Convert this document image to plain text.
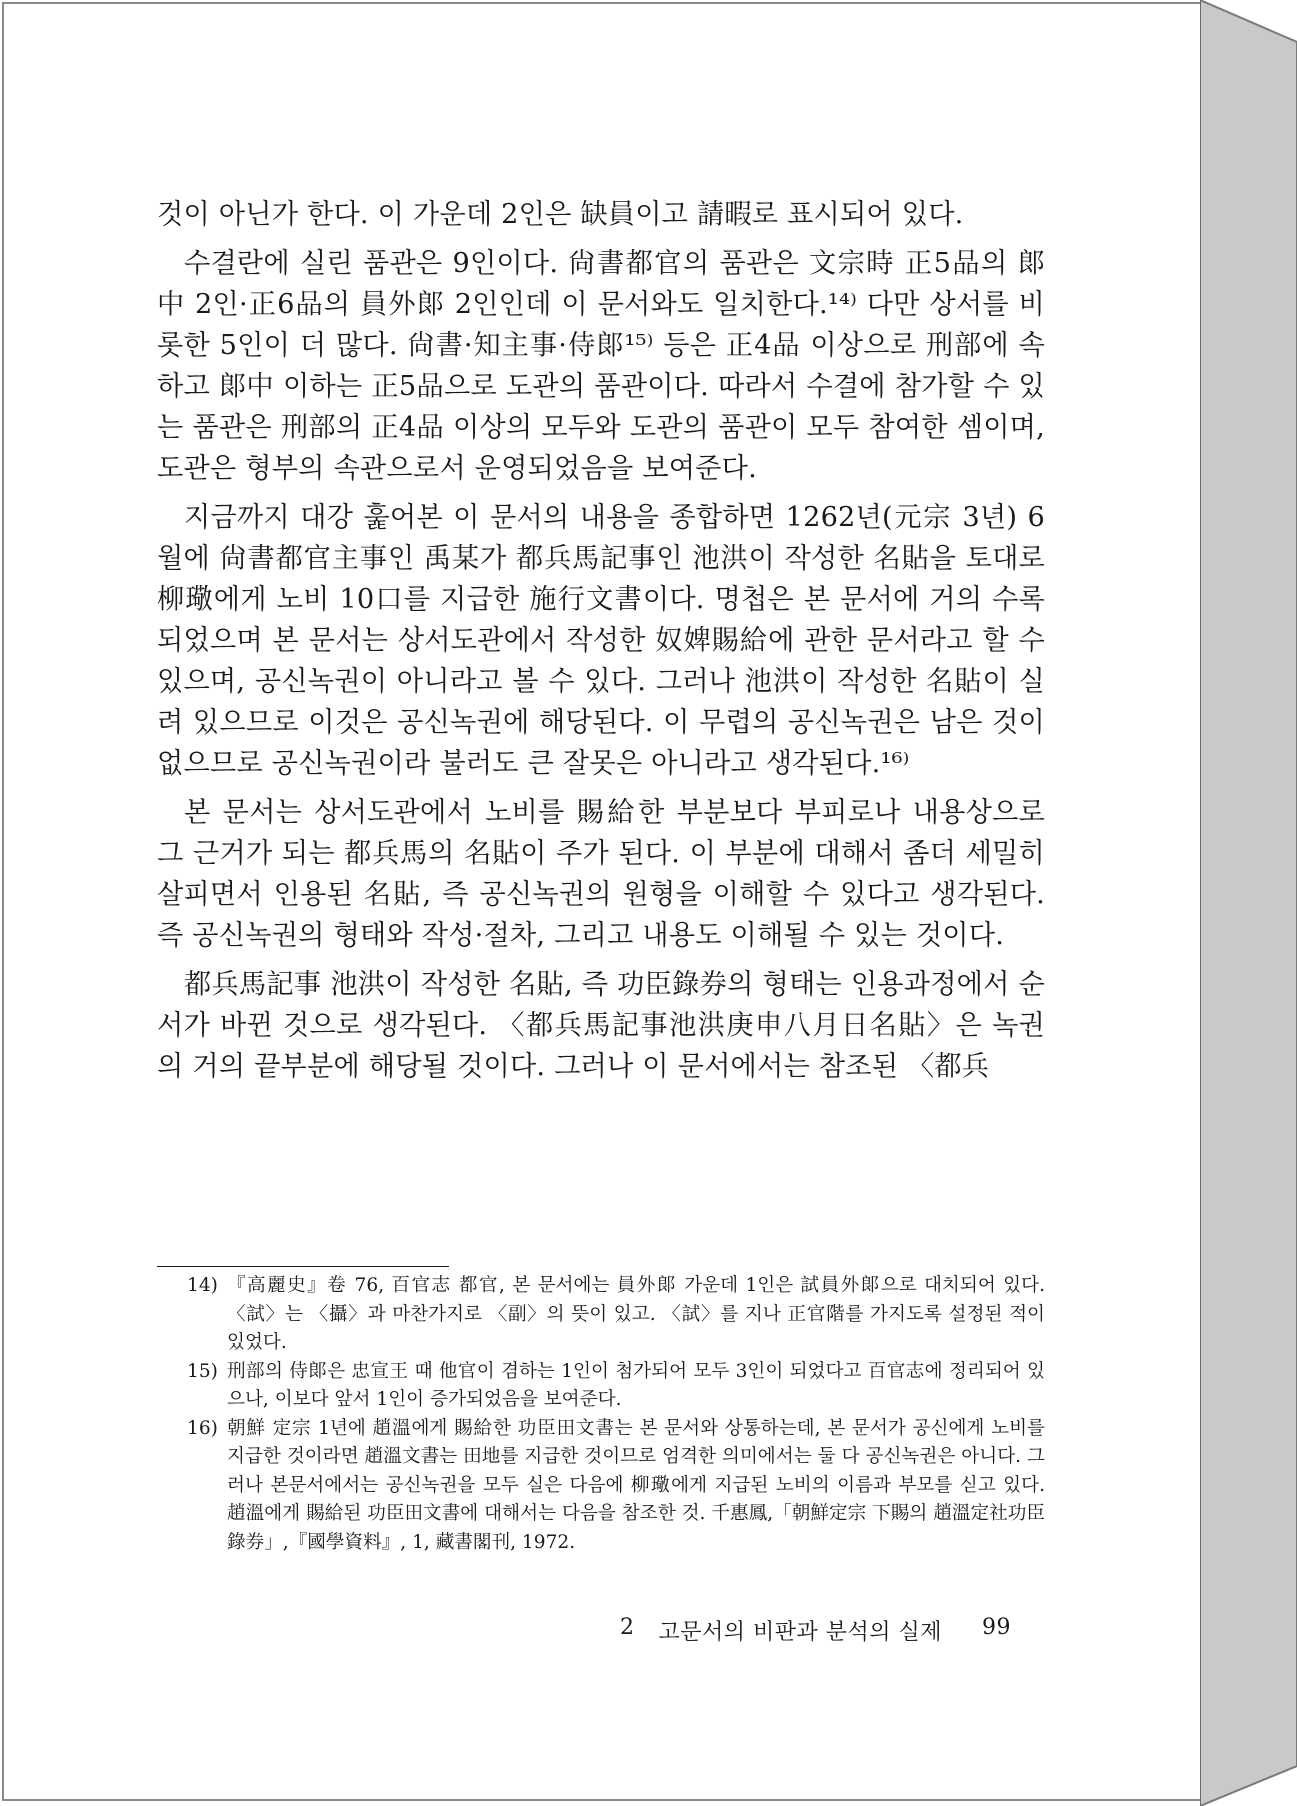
것이 아닌가 한다. 이 가운데 2인은 缺員이고 請暇로 표시되어 있다.

수결란에 실린 품관은 9인이다. 尙書都官의 품관은 文宗時 正5品의 郞中 2인·正6品의 員外郞 2인인데 이 문서와도 일치한다.¹⁴⁾ 다만 상서를 비롯한 5인이 더 많다. 尙書·知主事·侍郞¹⁵⁾ 등은 正4品 이상으로 刑部에 속하고 郞中 이하는 正5品으로 도관의 품관이다. 따라서 수결에 참가할 수 있는 품관은 刑部의 正4品 이상의 모두와 도관의 품관이 모두 참여한 셈이며, 도관은 형부의 속관으로서 운영되었음을 보여준다.

지금까지 대강 훑어본 이 문서의 내용을 종합하면 1262년(元宗 3년) 6월에 尙書都官主事인 禹某가 都兵馬記事인 池洪이 작성한 名貼을 토대로 柳璥에게 노비 10口를 지급한 施行文書이다. 명첩은 본 문서에 거의 수록되었으며 본 문서는 상서도관에서 작성한 奴婢賜給에 관한 문서라고 할 수 있으며, 공신녹권이 아니라고 볼 수 있다. 그러나 池洪이 작성한 名貼이 실려 있으므로 이것은 공신녹권에 해당된다. 이 무렵의 공신녹권은 남은 것이 없으므로 공신녹권이라 불러도 큰 잘못은 아니라고 생각된다.¹⁶⁾

본 문서는 상서도관에서 노비를 賜給한 부분보다 부피로나 내용상으로 그 근거가 되는 都兵馬의 名貼이 주가 된다. 이 부분에 대해서 좀더 세밀히 살피면서 인용된 名貼, 즉 공신녹권의 원형을 이해할 수 있다고 생각된다. 즉 공신녹권의 형태와 작성·절차, 그리고 내용도 이해될 수 있는 것이다.

都兵馬記事 池洪이 작성한 名貼, 즉 功臣錄券의 형태는 인용과정에서 순서가 바뀐 것으로 생각된다. 〈都兵馬記事池洪庚申八月日名貼〉은 녹권의 거의 끝부분에 해당될 것이다. 그러나 이 문서에서는 참조된 〈都兵

14) 『高麗史』卷 76, 百官志 都官, 본 문서에는 員外郞 가운데 1인은 試員外郞으로 대치되어 있다. 〈試〉는 〈攝〉과 마찬가지로 〈副〉의 뜻이 있고. 〈試〉를 지나 正官階를 가지도록 설정된 적이 있었다.
15) 刑部의 侍郞은 忠宣王 때 他官이 겸하는 1인이 첨가되어 모두 3인이 되었다고 百官志에 정리되어 있으나, 이보다 앞서 1인이 증가되었음을 보여준다.
16) 朝鮮 定宗 1년에 趙溫에게 賜給한 功臣田文書는 본 문서와 상통하는데, 본 문서가 공신에게 노비를 지급한 것이라면 趙溫文書는 田地를 지급한 것이므로 엄격한 의미에서는 둘 다 공신녹권은 아니다. 그러나 본문서에서는 공신녹권을 모두 실은 다음에 柳璥에게 지급된 노비의 이름과 부모를 싣고 있다. 趙溫에게 賜給된 功臣田文書에 대해서는 다음을 참조한 것. 千惠鳳,「朝鮮定宗 下賜의 趙溫定社功臣錄券」,『國學資料』, 1, 藏書閣刊, 1972.
2 고문서의 비판과 분석의 실제 99
